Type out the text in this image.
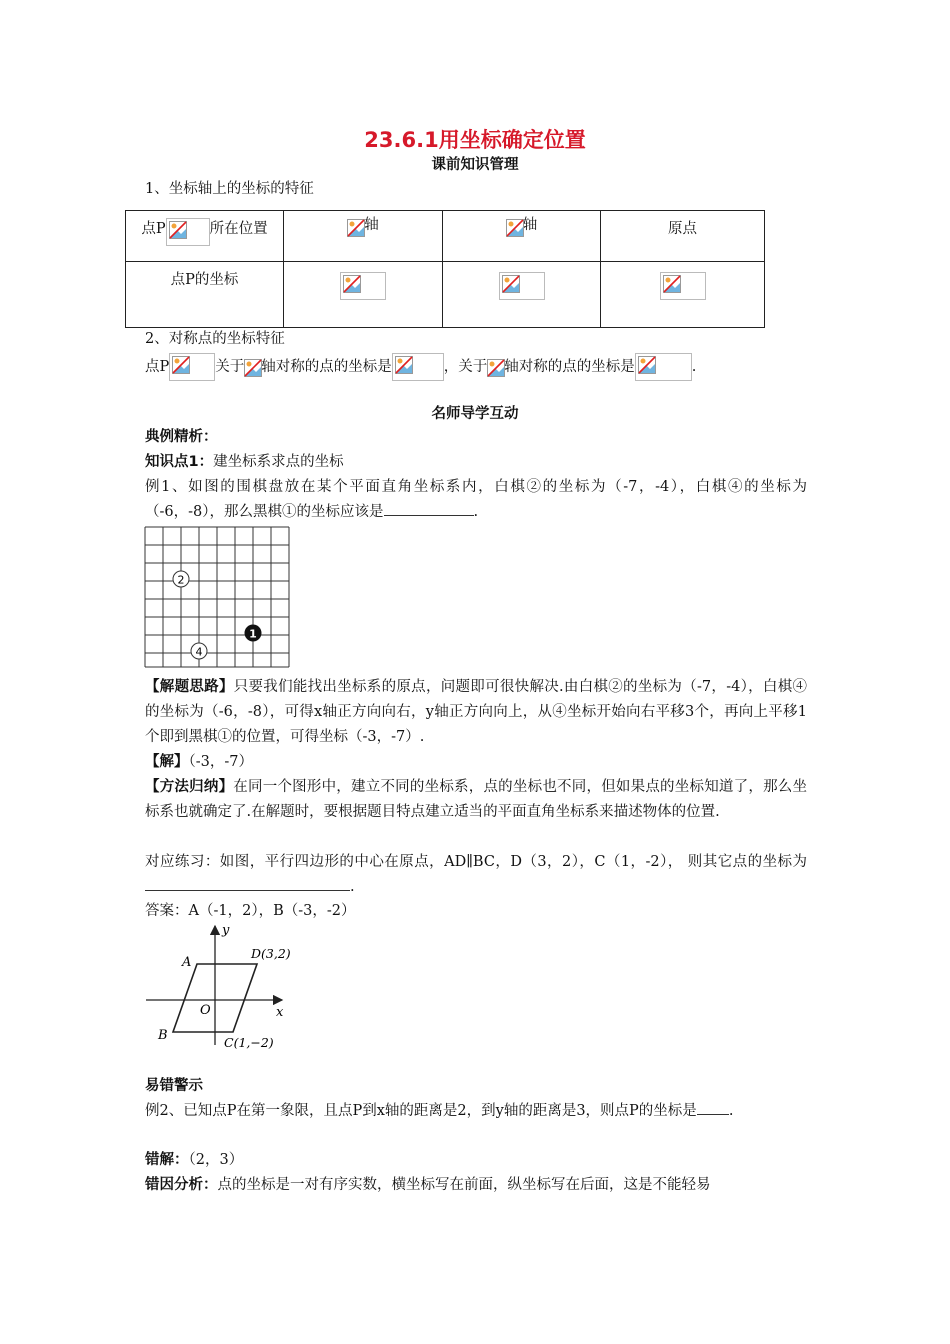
23.6.1用坐标确定位置
课前知识管理
1、坐标轴上的坐标的特征
点P 所在位置	轴	轴	原点
点P的坐标	

2、对称点的坐标特征
点P	关于 轴对称的点的坐标是	，关于 轴对称的点的坐标是	.
名师导学互动
典例精析：
知识点1：建坐标系求点的坐标
例1、如图的围棋盘放在某个平面直角坐标系内，白棋②的坐标为（-7，-4），白棋④的坐标为（-6，-8），那么黑棋①的坐标应该是	.
2
4
1
【解题思路】只要我们能找出坐标系的原点，问题即可很快解决.由白棋②的坐标为（-7，-4），白棋④的坐标为（-6，-8），可得x轴正方向向右，y轴正方向向上，从④坐标开始向右平移3个，再向上平移1个即到黑棋①的位置，可得坐标（-3，-7）.
【解】（-3，-7）
【方法归纳】在同一个图形中，建立不同的坐标系，点的坐标也不同，但如果点的坐标知道了，那么坐标系也就确定了.在解题时，要根据题目特点建立适当的平面直角坐标系来描述物体的位置.
对应练习：如图，平行四边形的中心在原点，AD∥BC，D（3，2），C（1，-2）， 则其它点的坐标为.
答案：A（-1，2），B（-3，-2）
y
x
O
A
B
D(3,2)
C(1,−2)
易错警示
例2、已知点P在第一象限，且点P到x轴的距离是2，到y轴的距离是3，则点P的坐标是 .
错解：（2，3）
错因分析：点的坐标是一对有序实数，横坐标写在前面，纵坐标写在后面，这是不能轻易
